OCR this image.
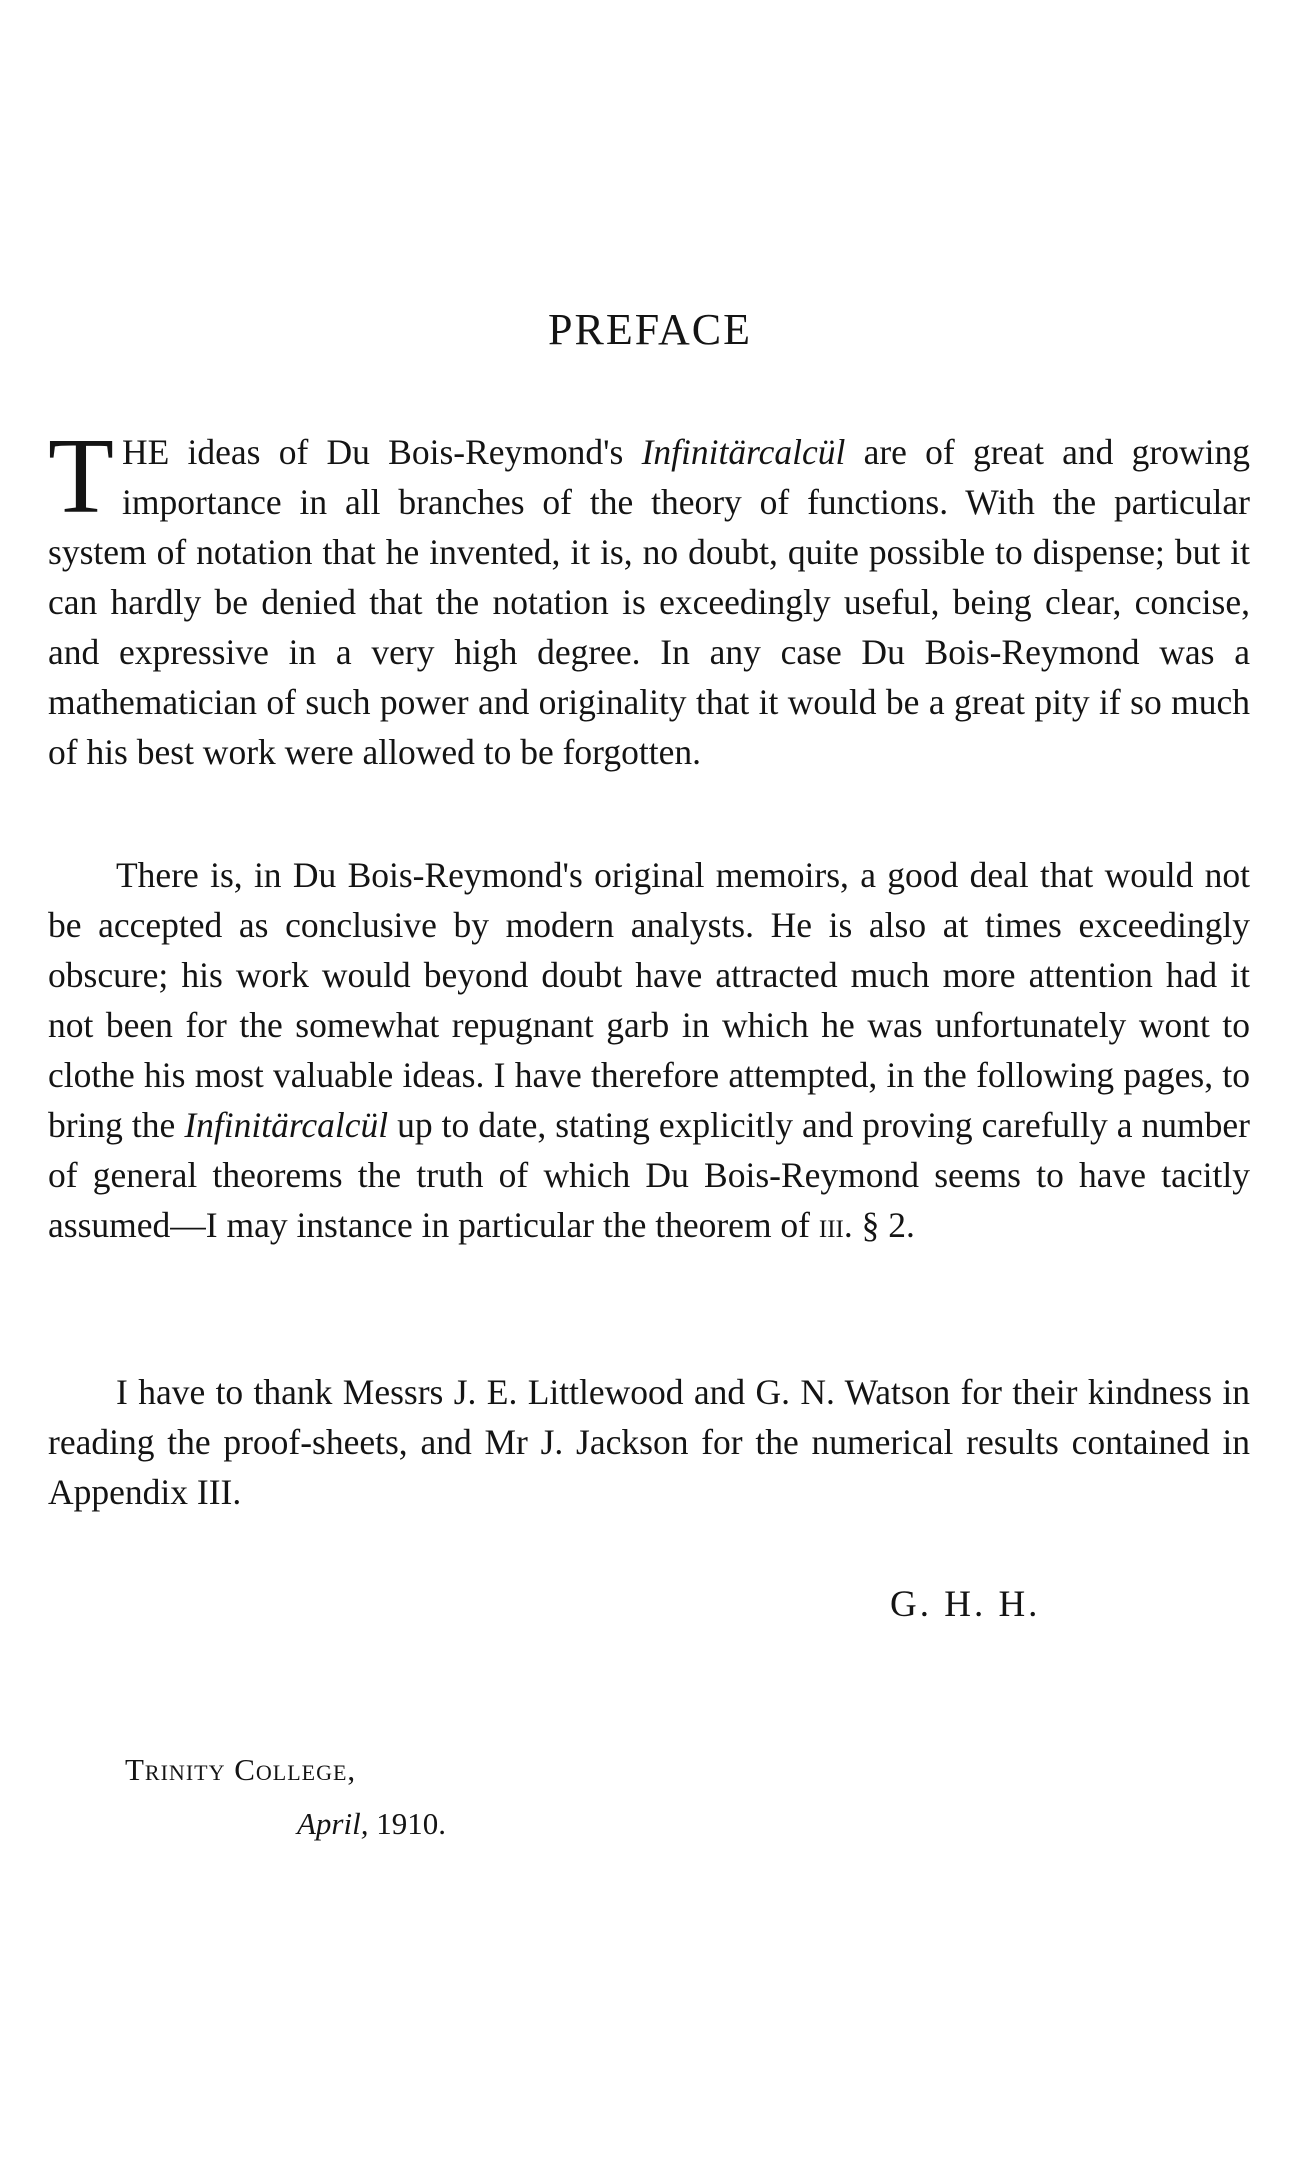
PREFACE
THE ideas of Du Bois-Reymond's Infinitärcalcül are of great and growing importance in all branches of the theory of functions. With the particular system of notation that he invented, it is, no doubt, quite possible to dispense; but it can hardly be denied that the notation is exceedingly useful, being clear, concise, and expressive in a very high degree. In any case Du Bois-Reymond was a mathematician of such power and originality that it would be a great pity if so much of his best work were allowed to be forgotten.
There is, in Du Bois-Reymond's original memoirs, a good deal that would not be accepted as conclusive by modern analysts. He is also at times exceedingly obscure; his work would beyond doubt have attracted much more attention had it not been for the somewhat repugnant garb in which he was unfortunately wont to clothe his most valuable ideas. I have therefore attempted, in the following pages, to bring the Infinitärcalcül up to date, stating explicitly and proving carefully a number of general theorems the truth of which Du Bois-Reymond seems to have tacitly assumed—I may instance in particular the theorem of iii. § 2.
I have to thank Messrs J. E. Littlewood and G. N. Watson for their kindness in reading the proof-sheets, and Mr J. Jackson for the numerical results contained in Appendix III.
G. H. H.
Trinity College,
April, 1910.
